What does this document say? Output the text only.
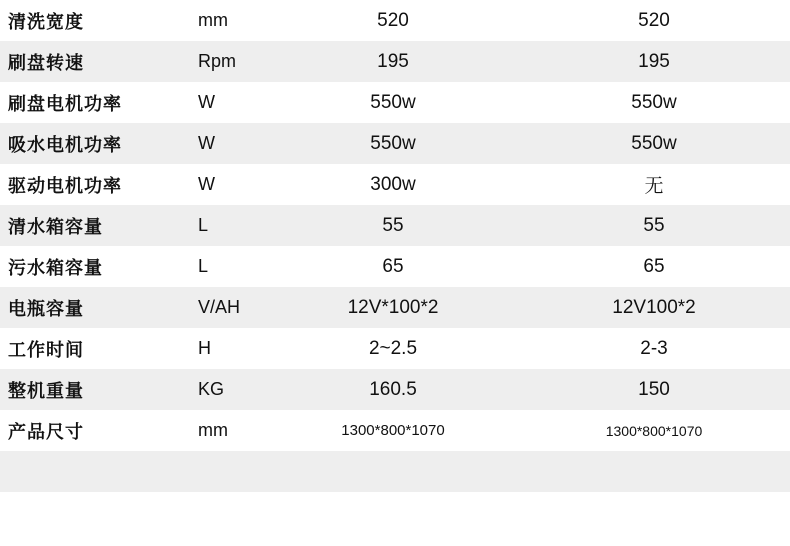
清洗宽度	mm	520	520
刷盘转速	Rpm	195	195
刷盘电机功率	W	550w	550w
吸水电机功率	W	550w	550w
驱动电机功率	W	300w	无
清水箱容量	L	55	55
污水箱容量	L	65	65
电瓶容量	V/AH	12V*100*2	12V100*2
工作时间	H	2~2.5	2-3
整机重量	KG	160.5	150
产品尺寸	mm	1300*800*1070	1300*800*1070
